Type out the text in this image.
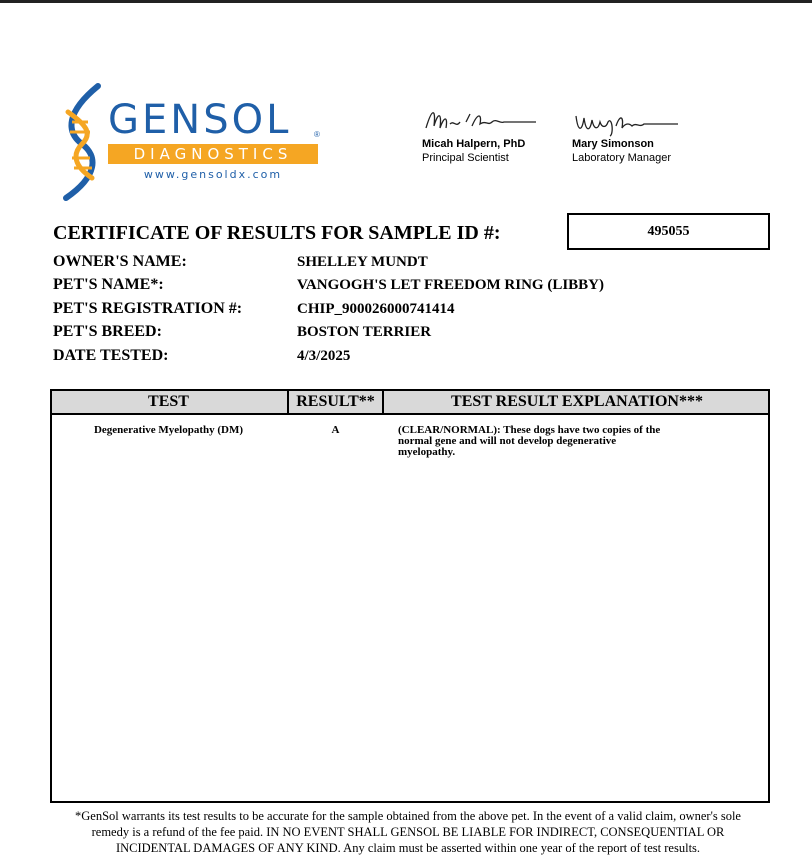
GENSOL	®
DIAGNOSTICS
www.gensoldx.com
Micah Halpern, PhD
Principal Scientist
Mary Simonson
Laboratory Manager
CERTIFICATE OF RESULTS FOR SAMPLE ID #:	495055
OWNER'S NAME:	SHELLEY MUNDT
PET'S NAME*:	VANGOGH'S LET FREEDOM RING (LIBBY)
PET'S REGISTRATION #:	CHIP_900026000741414
PET'S BREED:	BOSTON TERRIER
DATE TESTED:	4/3/2025
TEST	RESULT**	TEST RESULT EXPLANATION***
Degenerative Myelopathy (DM)	A	(CLEAR/NORMAL): These dogs have two copies of the
normal gene and will not develop degenerative
myelopathy.
*GenSol warrants its test results to be accurate for the sample obtained from the above pet. In the event of a valid claim, owner's sole
remedy is a refund of the fee paid. IN NO EVENT SHALL GENSOL BE LIABLE FOR INDIRECT, CONSEQUENTIAL OR
INCIDENTAL DAMAGES OF ANY KIND. Any claim must be asserted within one year of the report of test results.
